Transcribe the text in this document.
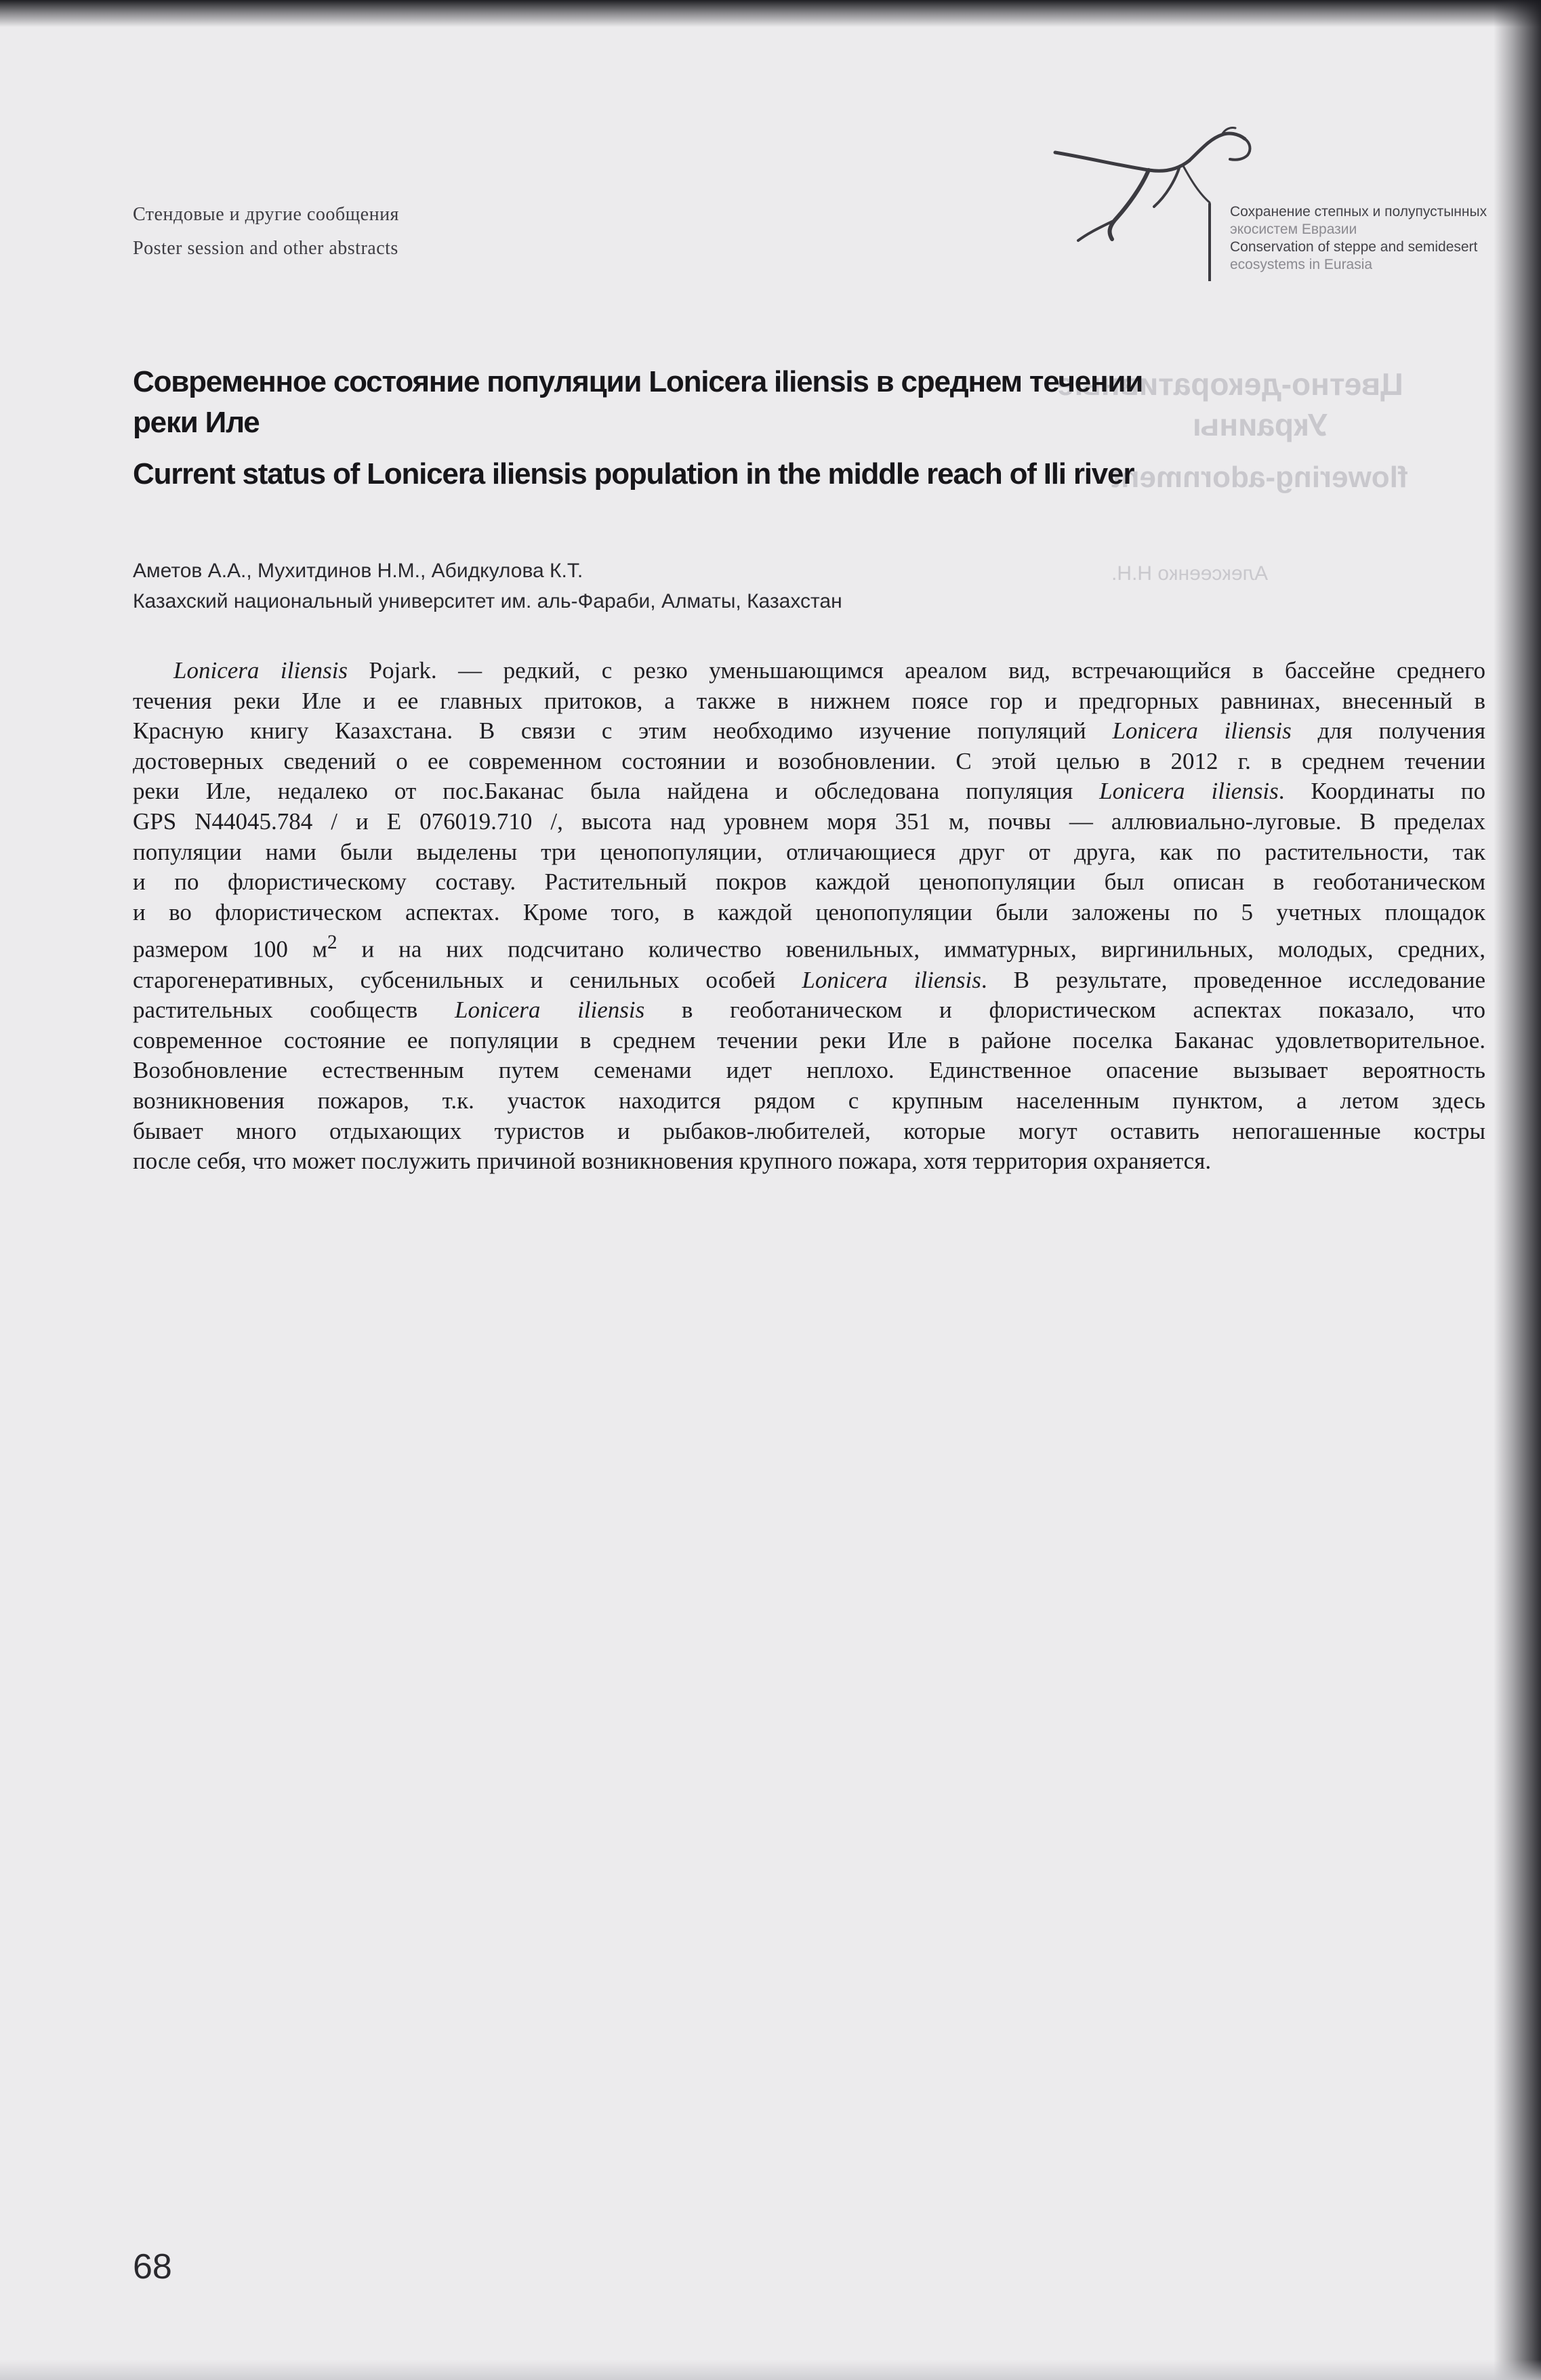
Цветно-декоративные
Украины
flowering-adornment
Алексеенко Н.Н.
Стендовые и другие сообщения
Poster session and other abstracts
Сохранение степных и полупустынных
экосистем Евразии
Conservation of steppe and semidesert
ecosystems in Eurasia
Современное состояние популяции Lonicera iliensis в среднем течении
реки Иле
Current status of Lonicera iliensis population in the middle reach of Ili river
Аметов А.А., Мухитдинов Н.М., Абидкулова К.Т.
Казахский национальный университет им. аль-Фараби, Алматы, Казахстан
Lonicera iliensis Pojark. — редкий, с резко уменьшающимся ареалом вид, встречающийся в бассейне среднего
течения реки Иле и ее главных притоков, а также в нижнем поясе гор и предгорных равнинах, внесенный в
Красную книгу Казахстана. В связи с этим необходимо изучение популяций Lonicera iliensis для получения
достоверных сведений о ее современном состоянии и возобновлении. С этой целью в 2012 г. в среднем течении
реки Иле, недалеко от пос.Баканас была найдена и обследована популяция Lonicera iliensis. Координаты по
GPS N44045.784 / и E 076019.710 /, высота над уровнем моря 351 м, почвы — аллювиально-луговые. В пределах
популяции нами были выделены три ценопопуляции, отличающиеся друг от друга, как по растительности, так
и по флористическому составу. Растительный покров каждой ценопопуляции был описан в геоботаническом
и во флористическом аспектах. Кроме того, в каждой ценопопуляции были заложены по 5 учетных площадок
размером 100 $м^2$ и на них подсчитано количество ювенильных, имматурных, виргинильных, молодых, средних,
старогенеративных, субсенильных и сенильных особей Lonicera iliensis. В результате, проведенное исследование
растительных сообществ Lonicera iliensis в геоботаническом и флористическом аспектах показало, что
современное состояние ее популяции в среднем течении реки Иле в районе поселка Баканас удовлетворительное.
Возобновление естественным путем семенами идет неплохо. Единственное опасение вызывает вероятность
возникновения пожаров, т.к. участок находится рядом с крупным населенным пунктом, а летом здесь
бывает много отдыхающих туристов и рыбаков-любителей, которые могут оставить непогашенные костры
после себя, что может послужить причиной возникновения крупного пожара, хотя территория охраняется.
68
